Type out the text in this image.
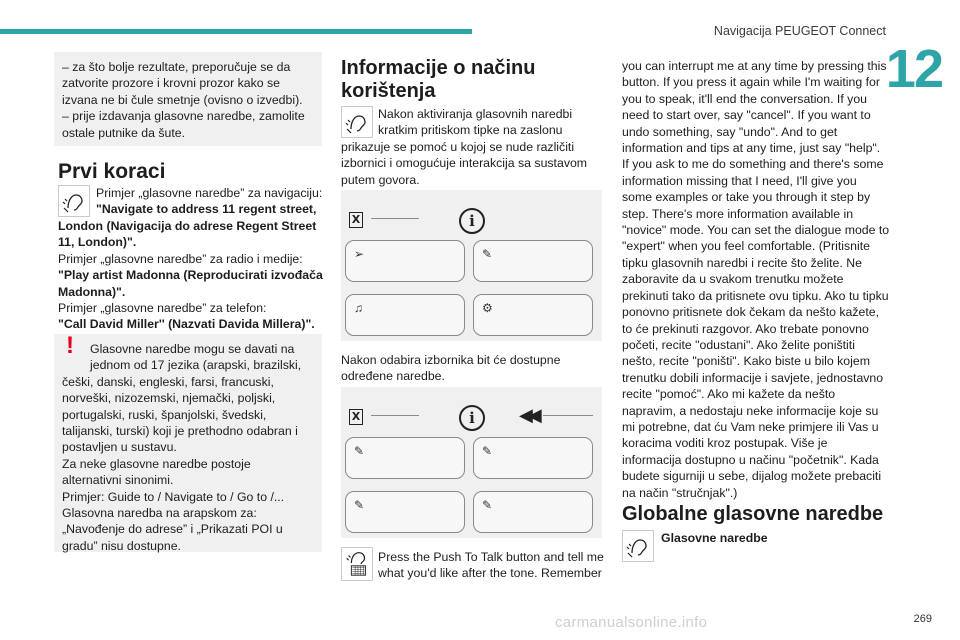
Navigacija PEUGEOT Connect
12

– za što bolje rezultate, preporučuje se da

zatvorite prozore i krovni prozor kako se

izvana ne bi čule smetnje (ovisno o izvedbi).

– prije izdavanja glasovne naredbe, zamolite

ostale putnike da šute.

Prvi koraci

Primjer „glasovne naredbe” za navigaciju:

"Navigate to address 11 regent street,

London (Navigacija do adrese Regent Street

11, London)".

Primjer „glasovne naredbe” za radio i medije:

"Play artist Madonna (Reproducirati izvođača

Madonna)".

Primjer „glasovne naredbe” za telefon:

"Call David Miller'' (Nazvati Davida Millera)".

! Glasovne naredbe mogu se davati na

jednom od 17 jezika (arapski, brazilski,

češki, danski, engleski, farsi, francuski,

norveški, nizozemski, njemački, poljski,

portugalski, ruski, španjolski, švedski,

talijanski, turski) koji je prethodno odabran i

postavljen u sustavu.

Za neke glasovne naredbe postoje

alternativni sinonimi.

Primjer: Guide to / Navigate to / Go to /...

Glasovna naredba na arapskom za:

„Navođenje do adrese” i „Prikazati POI u

gradu” nisu dostupne.

Informacije o načinu
korištenja

Nakon aktiviranja glasovnih naredbi

kratkim pritiskom tipke na zaslonu

prikazuje se pomoć u kojoj se nude različiti

izbornici i omogućuje interakcija sa sustavom

putem govora.

X	i
➢	✎
♫	⚙

Nakon odabira izbornika bit će dostupne

određene naredbe.

X	i	◀◀
✎	✎
✎	✎

Press the Push To Talk button and tell me

what you'd like after the tone. Remember

you can interrupt me at any time by pressing this

button. If you press it again while I'm waiting for

you to speak, it'll end the conversation. If you

need to start over, say "cancel". If you want to

undo something, say "undo". And to get

information and tips at any time, just say "help".

If you ask to me do something and there's some

information missing that I need, I'll give you

some examples or take you through it step by

step. There's more information available in

"novice" mode. You can set the dialogue mode to

"expert" when you feel comfortable. (Pritisnite

tipku glasovnih naredbi i recite što želite. Ne

zaboravite da u svakom trenutku možete

prekinuti tako da pritisnete ovu tipku. Ako tu tipku

ponovno pritisnete dok čekam da nešto kažete,

to će prekinuti razgovor. Ako trebate ponovno

početi, recite "odustani". Ako želite poništiti

nešto, recite "poništi". Kako biste u bilo kojem

trenutku dobili informacije i savjete, jednostavno

recite "pomoć". Ako mi kažete da nešto

napravim, a nedostaju neke informacije koje su

mi potrebne, dat ću Vam neke primjere ili Vas u

koracima voditi kroz postupak. Više je

informacija dostupno u načinu "početnik". Kada

budete sigurniji u sebe, dijalog možete prebaciti

na način "stručnjak".)

Globalne glasovne naredbe
Glasovne naredbe
carmanualsonline.info	269
